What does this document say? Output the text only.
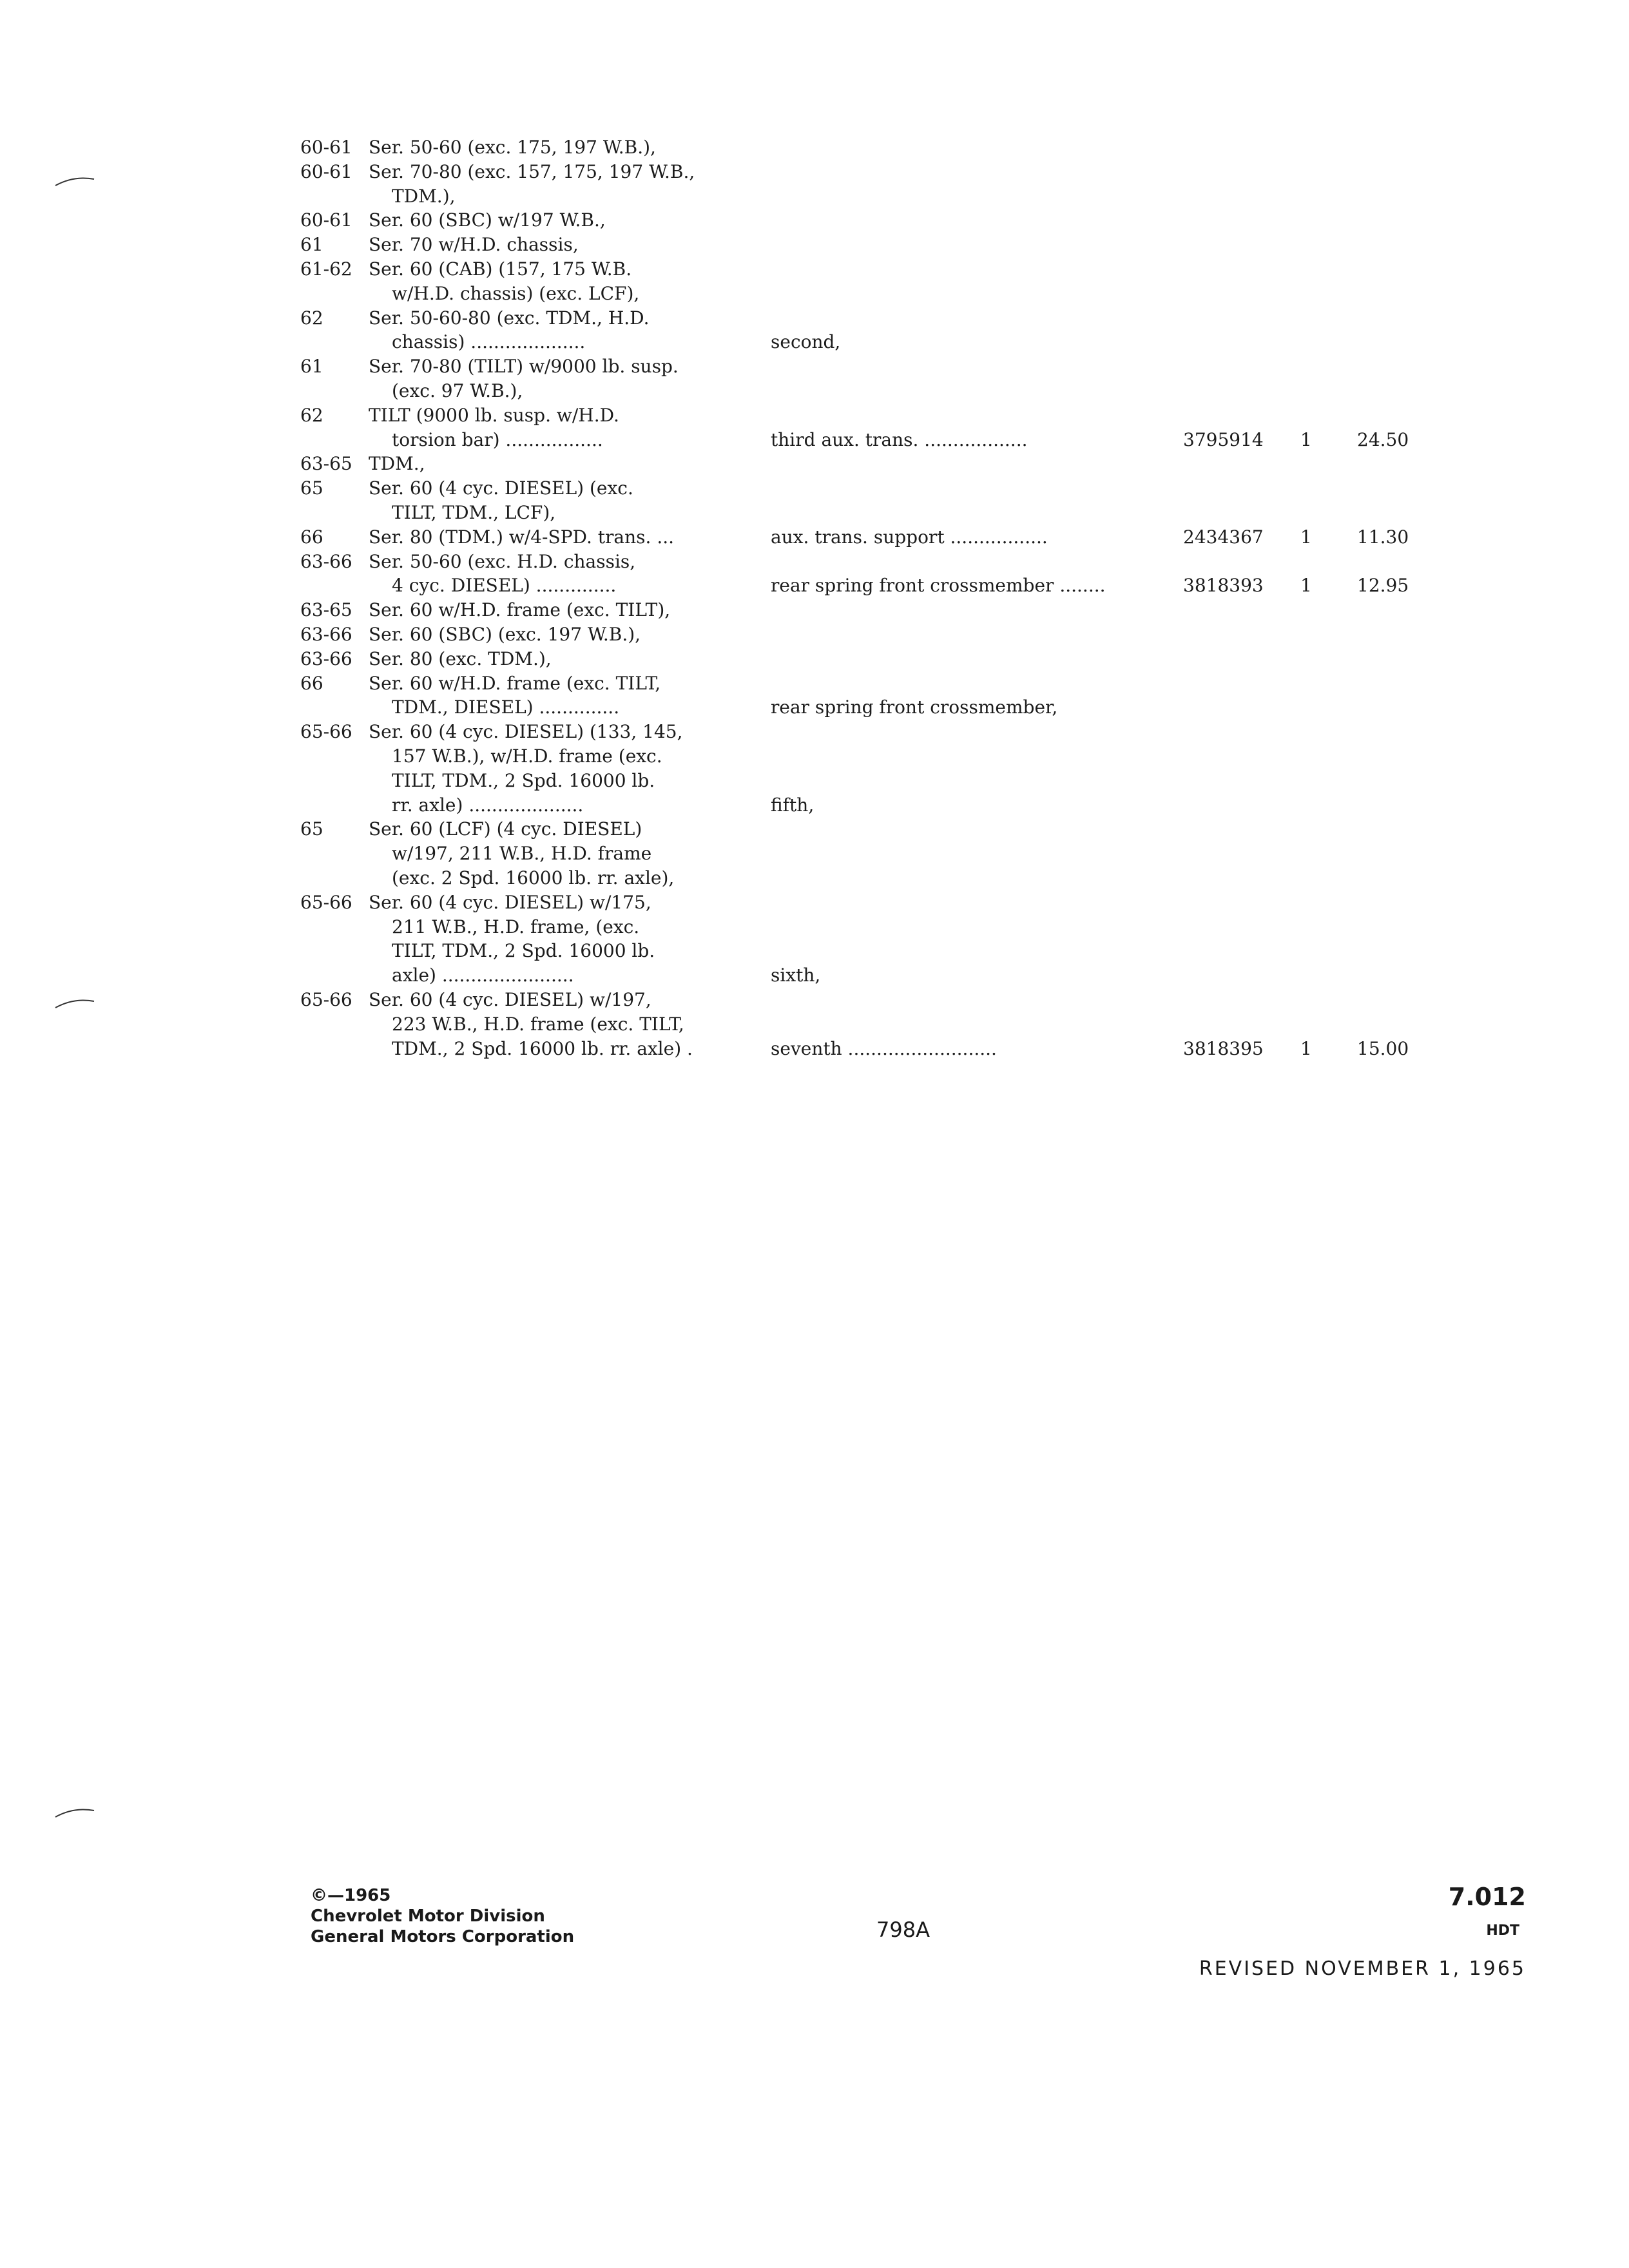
60-61 Ser. 50-60 (exc. 175, 197 W.B.),
60-61 Ser. 70-80 (exc. 157, 175, 197 W.B.,
TDM.),
60-61 Ser. 60 (SBC) w/197 W.B.,
61	Ser. 70 w/H.D. chassis,
61-62 Ser. 60 (CAB) (157, 175 W.B.
w/H.D. chassis) (exc. LCF),
62	Ser. 50-60-80 (exc. TDM., H.D.
chassis) ....................	second,
61	Ser. 70-80 (TILT) w/9000 lb. susp.
(exc. 97 W.B.),
62	TILT (9000 lb. susp. w/H.D.
torsion bar) .................	third aux. trans. ..................	3795914 1	24.50
63-65 TDM.,
65	Ser. 60 (4 cyc. DIESEL) (exc.
TILT, TDM., LCF),
66	Ser. 80 (TDM.) w/4-SPD. trans. ...	aux. trans. support .................	2434367 1	11.30
63-66 Ser. 50-60 (exc. H.D. chassis,
4 cyc. DIESEL) ..............	rear spring front crossmember ........	3818393 1	12.95
63-65 Ser. 60 w/H.D. frame (exc. TILT),
63-66 Ser. 60 (SBC) (exc. 197 W.B.),
63-66 Ser. 80 (exc. TDM.),
66	Ser. 60 w/H.D. frame (exc. TILT,
TDM., DIESEL) ..............	rear spring front crossmember,
65-66 Ser. 60 (4 cyc. DIESEL) (133, 145,
157 W.B.), w/H.D. frame (exc.
TILT, TDM., 2 Spd. 16000 lb.
rr. axle) ....................	fifth,
65	Ser. 60 (LCF) (4 cyc. DIESEL)
w/197, 211 W.B., H.D. frame
(exc. 2 Spd. 16000 lb. rr. axle),
65-66 Ser. 60 (4 cyc. DIESEL) w/175,
211 W.B., H.D. frame, (exc.
TILT, TDM., 2 Spd. 16000 lb.
axle) .......................	sixth,
65-66 Ser. 60 (4 cyc. DIESEL) w/197,
223 W.B., H.D. frame (exc. TILT,
TDM., 2 Spd. 16000 lb. rr. axle) .	seventh ..........................	3818395 1	15.00
©—1965
Chevrolet Motor Division
General Motors Corporation	798A
7.012
HDT
REVISED NOVEMBER 1, 1965
